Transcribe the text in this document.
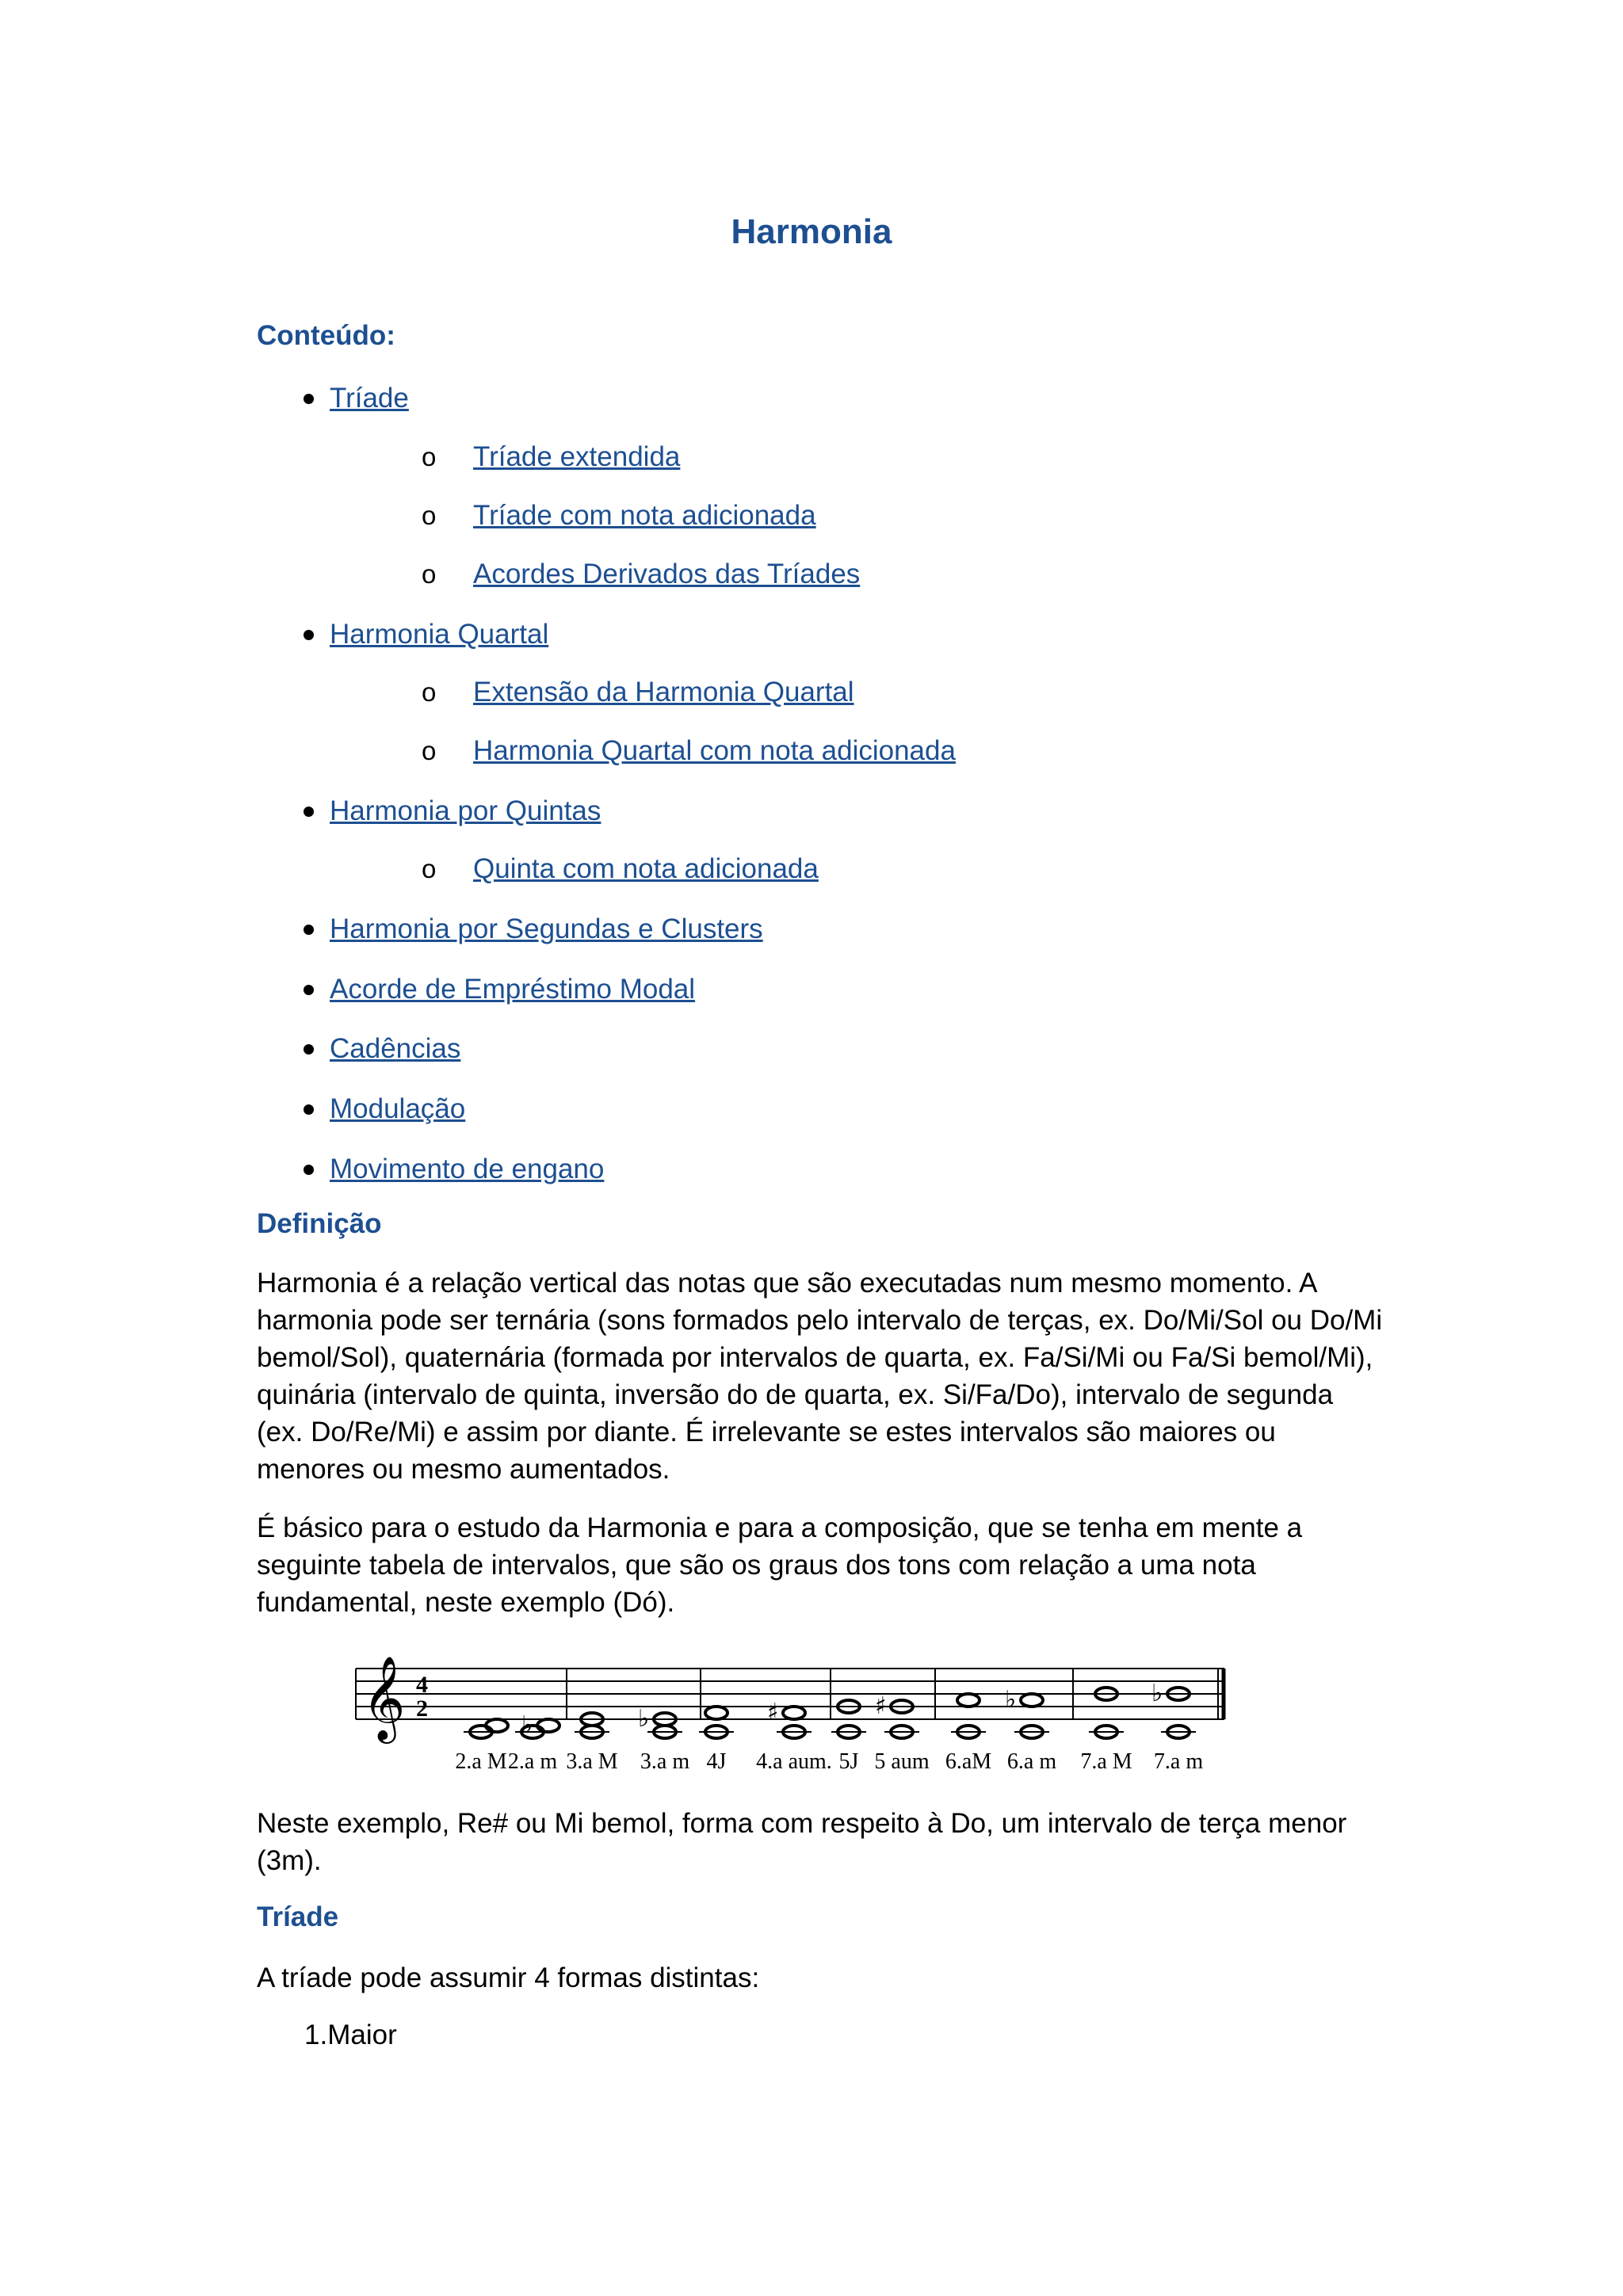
Harmonia
Conteúdo:
Tríade
o Tríade extendida
o Tríade com nota adicionada
o Acordes Derivados das Tríades
Harmonia Quartal
o Extensão da Harmonia Quartal
o Harmonia Quartal com nota adicionada
Harmonia por Quintas
o Quinta com nota adicionada
Harmonia por Segundas e Clusters
Acorde de Empréstimo Modal
Cadências
Modulação
Movimento de engano
Definição
Harmonia é a relação vertical das notas que são executadas num mesmo momento. A
harmonia pode ser ternária (sons formados pelo intervalo de terças, ex. Do/Mi/Sol ou Do/Mi
bemol/Sol), quaternária (formada por intervalos de quarta, ex. Fa/Si/Mi ou Fa/Si bemol/Mi),
quinária (intervalo de quinta, inversão do de quarta, ex. Si/Fa/Do), intervalo de segunda
(ex. Do/Re/Mi) e assim por diante. É irrelevante se estes intervalos são maiores ou
menores ou mesmo aumentados.
É básico para o estudo da Harmonia e para a composição, que se tenha em mente a
seguinte tabela de intervalos, que são os graus dos tons com relação a uma nota
fundamental, neste exemplo (Dó).
𝄞 4
2
♭	♭	♯	♯	♭	♭
2.a M 2.a m 3.a M 3.a m 4J 4.a aum. 5J 5 aum 6.aM 6.a m 7.a M 7.a m
Neste exemplo, Re# ou Mi bemol, forma com respeito à Do, um intervalo de terça menor
(3m).
Tríade
A tríade pode assumir 4 formas distintas:
1.Maior
